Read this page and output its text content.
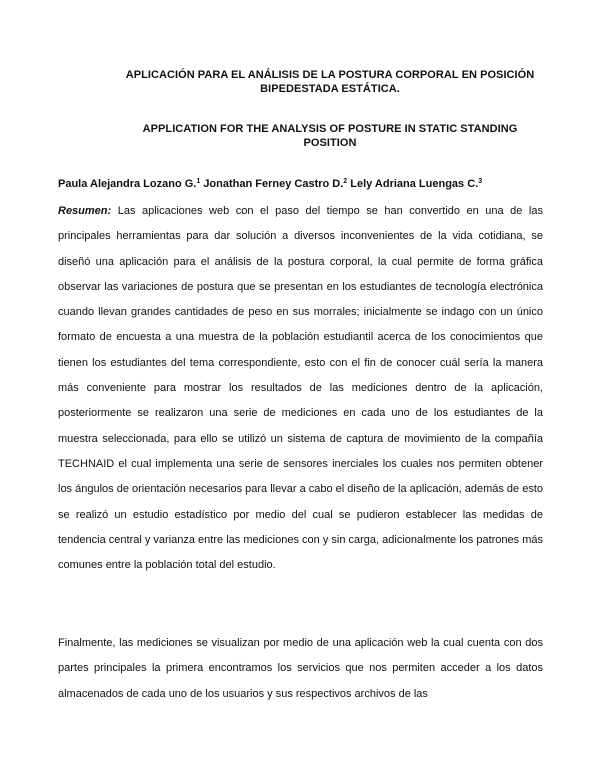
APLICACIÓN PARA EL ANÁLISIS DE LA POSTURA CORPORAL EN POSICIÓN
BIPEDESTADA ESTÁTICA.
APPLICATION FOR THE ANALYSIS OF POSTURE IN STATIC STANDING
POSITION
Paula Alejandra Lozano G.$^1$ Jonathan Ferney Castro D.$^2$ Lely Adriana Luengas C.$^3$
Resumen: Las aplicaciones web con el paso del tiempo se han convertido en una de las principales herramientas para dar solución a diversos inconvenientes de la vida cotidiana, se diseñó una aplicación para el análisis de la postura corporal, la cual permite de forma gráfica observar las variaciones de postura que se presentan en los estudiantes de tecnología electrónica cuando llevan grandes cantidades de peso en sus morrales; inicialmente se indago con un único formato de encuesta a una muestra de la población estudiantil acerca de los conocimientos que tienen los estudiantes del tema correspondiente, esto con el fin de conocer cuál sería la manera más conveniente para mostrar los resultados de las mediciones dentro de la aplicación, posteriormente se realizaron una serie de mediciones en cada uno de los estudiantes de la muestra seleccionada, para ello se utilizó un sistema de captura de movimiento de la compañía TECHNAID el cual implementa una serie de sensores inerciales los cuales nos permiten obtener los ángulos de orientación necesarios para llevar a cabo el diseño de la aplicación, además de esto se realizó un estudio estadístico por medio del cual se pudieron establecer las medidas de tendencia central y varianza entre las mediciones con y sin carga, adicionalmente los patrones más comunes entre la población total del estudio.
Finalmente, las mediciones se visualizan por medio de una aplicación web la cual cuenta con dos partes principales la primera encontramos los servicios que nos permiten acceder a los datos almacenados de cada uno de los usuarios y sus respectivos archivos de las
